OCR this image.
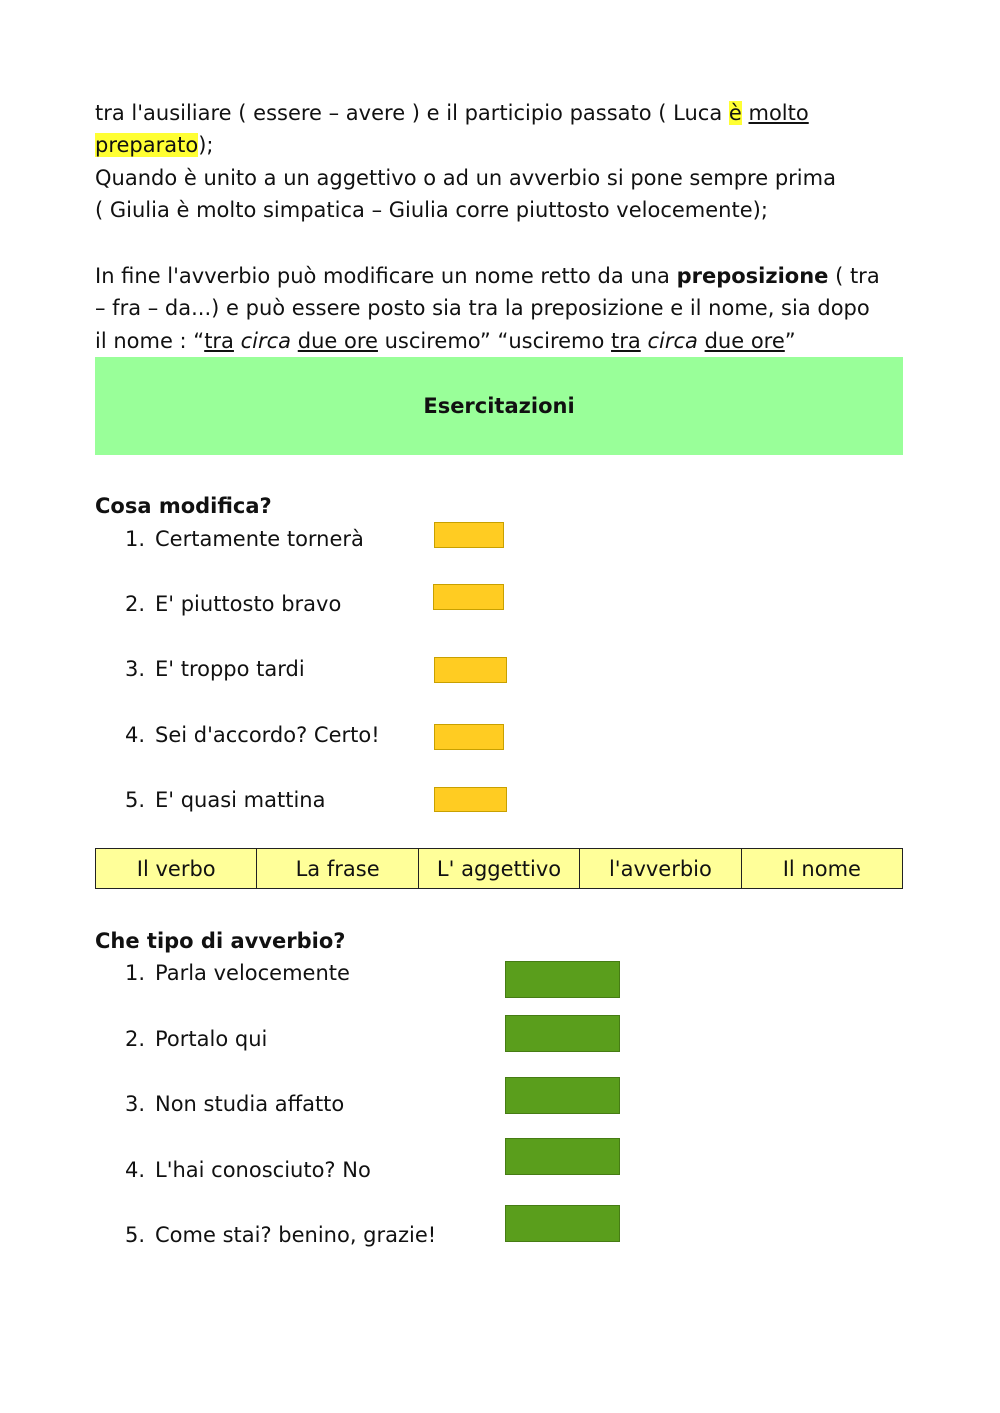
tra l'ausiliare ( essere – avere ) e il participio passato ( Luca è molto
preparato);
Quando è unito a un aggettivo o ad un avverbio si pone sempre prima
( Giulia è molto simpatica – Giulia corre piuttosto velocemente);
In fine l'avverbio può modificare un nome retto da una preposizione ( tra
– fra – da...) e può essere posto sia tra la preposizione e il nome, sia dopo
il nome : “tra circa due ore usciremo” “usciremo tra circa due ore”
Esercitazioni
Cosa modifica?
1. Certamente tornerà
2. E' piuttosto bravo
3. E' troppo tardi
4. Sei d'accordo? Certo!
5. E' quasi mattina
Il verbo	La frase	L' aggettivo	l'avverbio	Il nome
Che tipo di avverbio?
1. Parla velocemente
2. Portalo qui
3. Non studia affatto
4. L'hai conosciuto? No
5. Come stai? benino, grazie!
